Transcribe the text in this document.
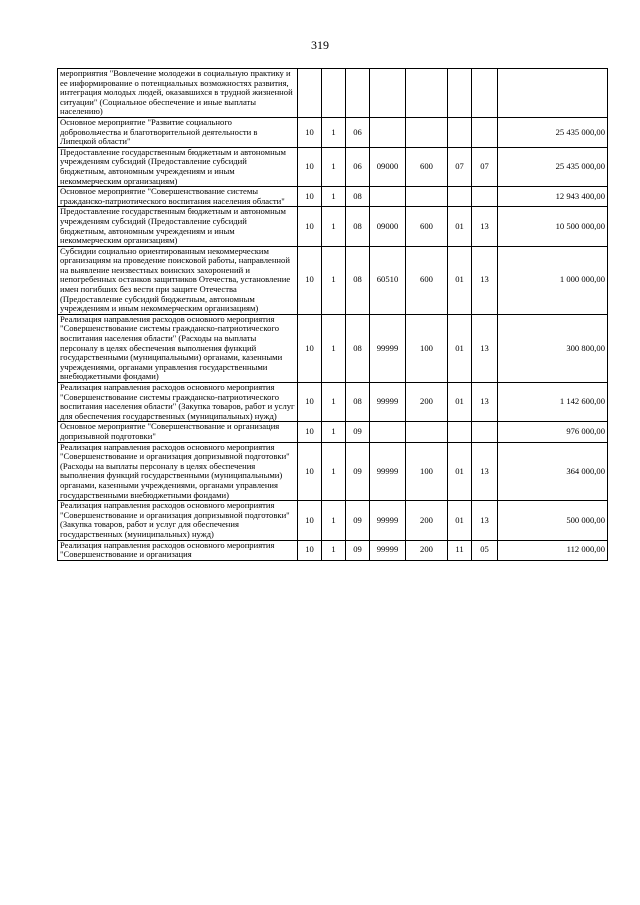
319
мероприятия "Вовлечение молодежи в социальную практику и ее информирование о потенциальных возможностях развития, интеграция молодых людей, оказавшихся в трудной жизненной ситуации" (Социальное обеспечение и иные выплаты населению)								
Основное мероприятие "Развитие социального добровольчества и благотворительной деятельности в Липецкой области"	10	1	06					25 435 000,00
Предоставление государственным бюджетным и автономным учреждениям субсидий (Предоставление субсидий бюджетным, автономным учреждениям и иным некоммерческим организациям)	10	1	06	09000	600	07	07	25 435 000,00
Основное мероприятие "Совершенствование системы гражданско-патриотического воспитания населения области"	10	1	08					12 943 400,00
Предоставление государственным бюджетным и автономным учреждениям субсидий (Предоставление субсидий бюджетным, автономным учреждениям и иным некоммерческим организациям)	10	1	08	09000	600	01	13	10 500 000,00
Субсидии социально ориентированным некоммерческим организациям на проведение поисковой работы, направленной на выявление неизвестных воинских захоронений и непогребенных останков защитников Отечества, установление имен погибших без вести при защите Отечества (Предоставление субсидий бюджетным, автономным учреждениям и иным некоммерческим организациям)	10	1	08	60510	600	01	13	1 000 000,00
Реализация направления расходов основного мероприятия "Совершенствование системы гражданско-патриотического воспитания населения области" (Расходы на выплаты персоналу в целях обеспечения выполнения функций государственными (муниципальными) органами, казенными учреждениями, органами управления государственными внебюджетными фондами)	10	1	08	99999	100	01	13	300 800,00
Реализация направления расходов основного мероприятия "Совершенствование системы гражданско-патриотического воспитания населения области" (Закупка товаров, работ и услуг для обеспечения государственных (муниципальных) нужд)	10	1	08	99999	200	01	13	1 142 600,00
Основное мероприятие "Совершенствование и организация допризывной подготовки"	10	1	09					976 000,00
Реализация направления расходов основного мероприятия "Совершенствование и организация допризывной подготовки" (Расходы на выплаты персоналу в целях обеспечения выполнения функций государственными (муниципальными) органами, казенными учреждениями, органами управления государственными внебюджетными фондами)	10	1	09	99999	100	01	13	364 000,00
Реализация направления расходов основного мероприятия "Совершенствование и организация допризывной подготовки" (Закупка товаров, работ и услуг для обеспечения государственных (муниципальных) нужд)	10	1	09	99999	200	01	13	500 000,00
Реализация направления расходов основного мероприятия "Совершенствование и организация	10	1	09	99999	200	11	05	112 000,00
